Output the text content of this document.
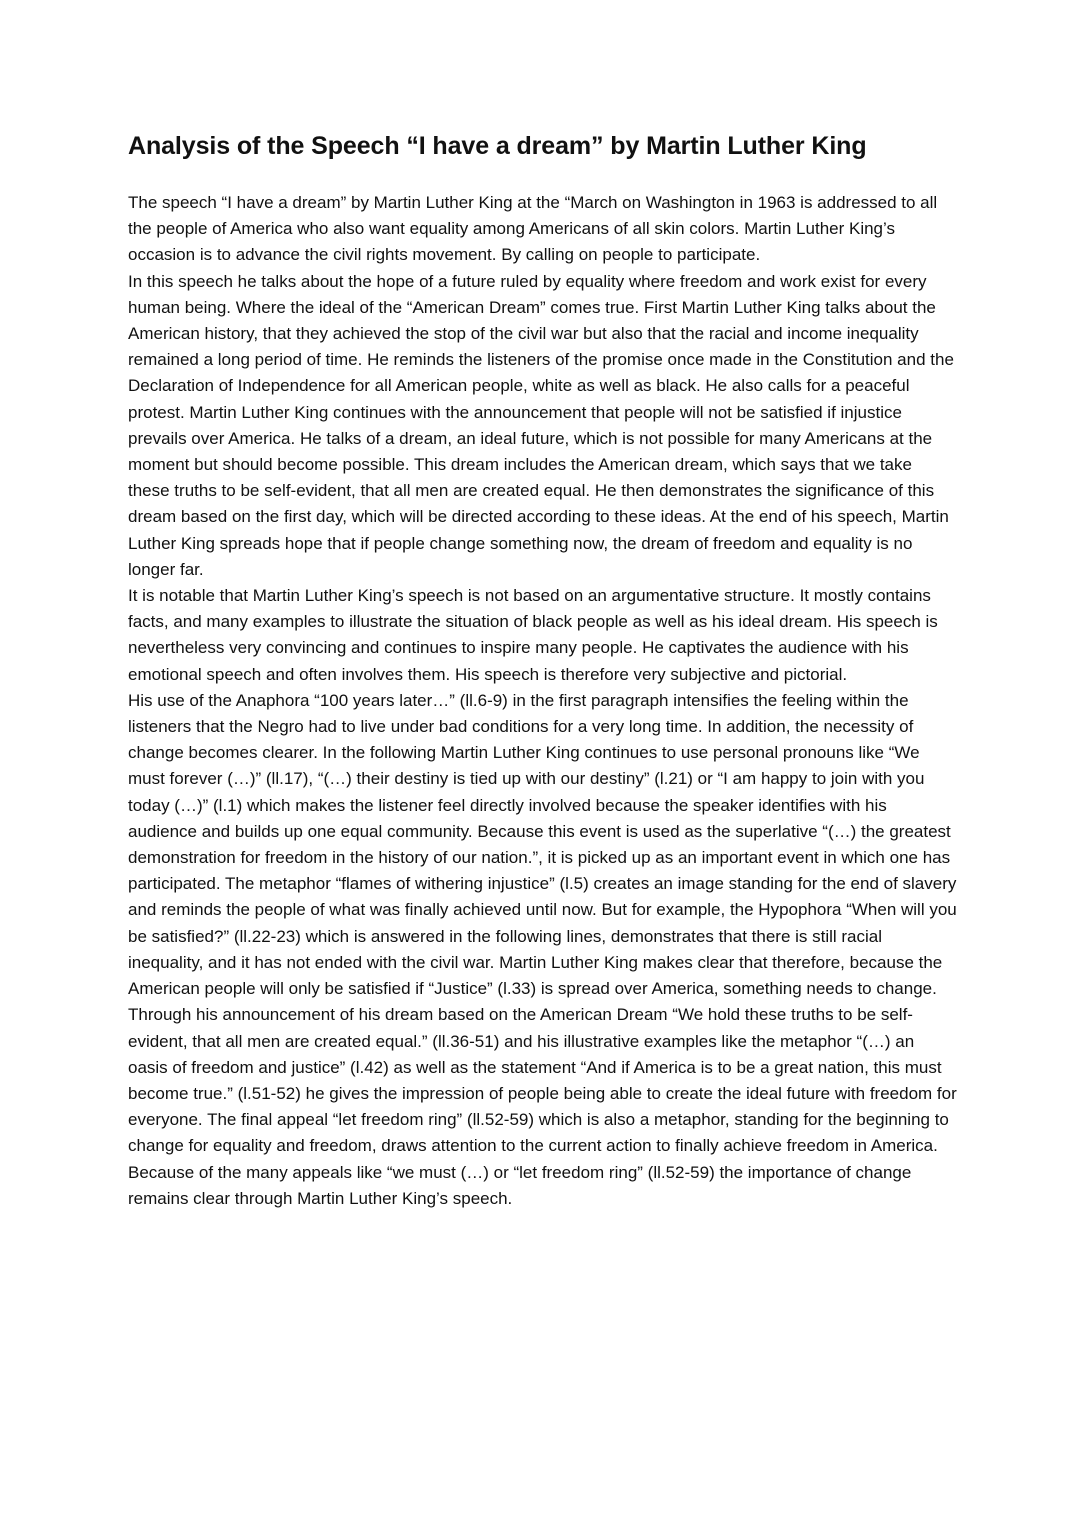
Analysis of the Speech “I have a dream” by Martin Luther King

The speech “I have a dream” by Martin Luther King at the “March on Washington in 1963 is addressed to all the people of America who also want equality among Americans of all skin colors. Martin Luther King’s occasion is to advance the civil rights movement. By calling on people to participate.

In this speech he talks about the hope of a future ruled by equality where freedom and work exist for every human being. Where the ideal of the “American Dream” comes true. First Martin Luther King talks about the American history, that they achieved the stop of the civil war but also that the racial and income inequality remained a long period of time. He reminds the listeners of the promise once made in the Constitution and the Declaration of Independence for all American people, white as well as black. He also calls for a peaceful protest. Martin Luther King continues with the announcement that people will not be satisfied if injustice prevails over America. He talks of a dream, an ideal future, which is not possible for many Americans at the moment but should become possible. This dream includes the American dream, which says that we take these truths to be self-evident, that all men are created equal. He then demonstrates the significance of this dream based on the first day, which will be directed according to these ideas. At the end of his speech, Martin Luther King spreads hope that if people change something now, the dream of freedom and equality is no longer far.

It is notable that Martin Luther King’s speech is not based on an argumentative structure. It mostly contains facts, and many examples to illustrate the situation of black people as well as his ideal dream. His speech is nevertheless very convincing and continues to inspire many people. He captivates the audience with his emotional speech and often involves them. His speech is therefore very subjective and pictorial.

His use of the Anaphora “100 years later…” (ll.6-9) in the first paragraph intensifies the feeling within the listeners that the Negro had to live under bad conditions for a very long time. In addition, the necessity of change becomes clearer. In the following Martin Luther King continues to use personal pronouns like “We must forever (…)” (ll.17), “(…) their destiny is tied up with our destiny” (l.21) or “I am happy to join with you today (…)” (l.1) which makes the listener feel directly involved because the speaker identifies with his audience and builds up one equal community. Because this event is used as the superlative “(…) the greatest demonstration for freedom in the history of our nation.”, it is picked up as an important event in which one has participated. The metaphor “flames of withering injustice” (l.5) creates an image standing for the end of slavery and reminds the people of what was finally achieved until now. But for example, the Hypophora “When will you be satisfied?” (ll.22-23) which is answered in the following lines, demonstrates that there is still racial inequality, and it has not ended with the civil war. Martin Luther King makes clear that therefore, because the American people will only be satisfied if “Justice” (l.33) is spread over America, something needs to change. Through his announcement of his dream based on the American Dream “We hold these truths to be self-evident, that all men are created equal.” (ll.36-51) and his illustrative examples like the metaphor “(…) an oasis of freedom and justice” (l.42) as well as the statement “And if America is to be a great nation, this must become true.” (l.51-52) he gives the impression of people being able to create the ideal future with freedom for everyone. The final appeal “let freedom ring” (ll.52-59) which is also a metaphor, standing for the beginning to change for equality and freedom, draws attention to the current action to finally achieve freedom in America. Because of the many appeals like “we must (…) or “let freedom ring” (ll.52-59) the importance of change remains clear through Martin Luther King’s speech.
